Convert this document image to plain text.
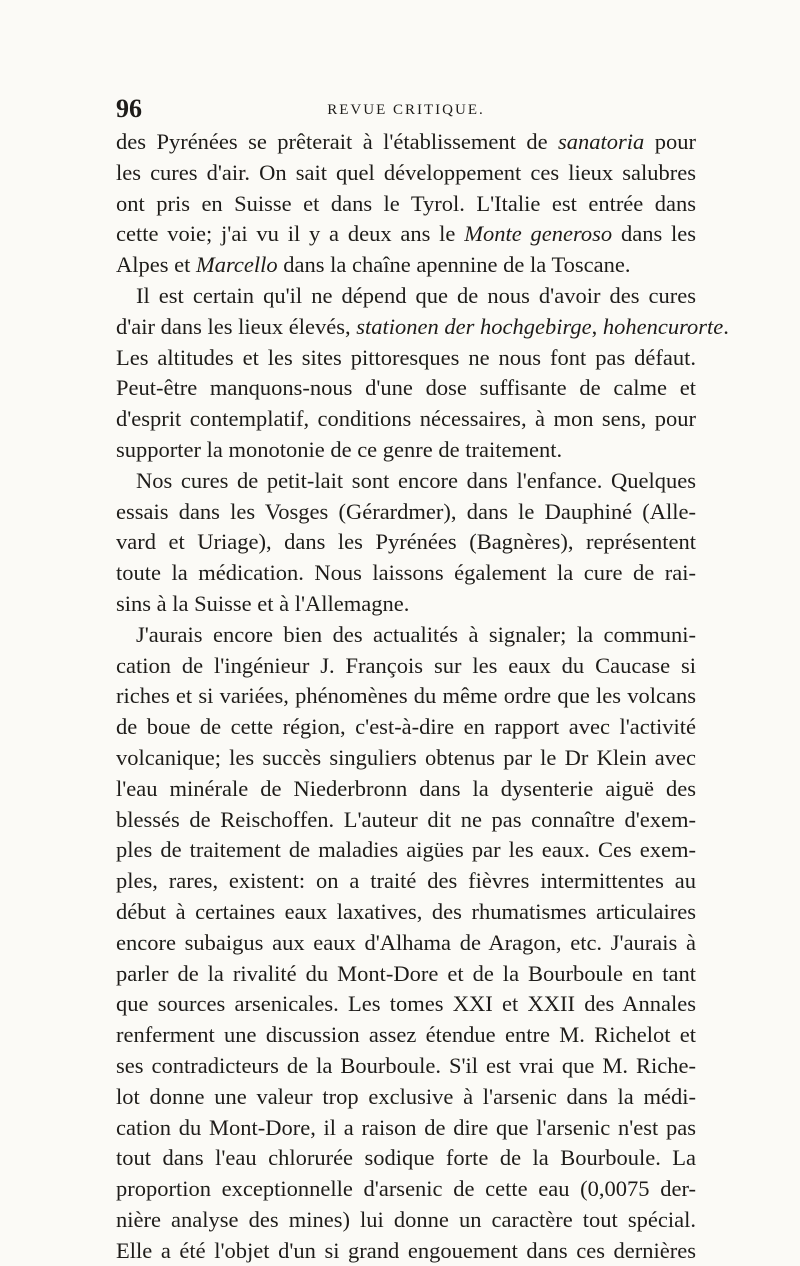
96	REVUE CRITIQUE.
des Pyrénées se prêterait à l'établissement de sanatoria pour
les cures d'air. On sait quel développement ces lieux salubres
ont pris en Suisse et dans le Tyrol. L'Italie est entrée dans
cette voie; j'ai vu il y a deux ans le Monte generoso dans les
Alpes et Marcello dans la chaîne apennine de la Toscane.
Il est certain qu'il ne dépend que de nous d'avoir des cures
d'air dans les lieux élevés, stationen der hochgebirge, hohencurorte.
Les altitudes et les sites pittoresques ne nous font pas défaut.
Peut-être manquons-nous d'une dose suffisante de calme et
d'esprit contemplatif, conditions nécessaires, à mon sens, pour
supporter la monotonie de ce genre de traitement.
Nos cures de petit-lait sont encore dans l'enfance. Quelques
essais dans les Vosges (Gérardmer), dans le Dauphiné (Alle-
vard et Uriage), dans les Pyrénées (Bagnères), représentent
toute la médication. Nous laissons également la cure de rai-
sins à la Suisse et à l'Allemagne.
J'aurais encore bien des actualités à signaler; la communi-
cation de l'ingénieur J. François sur les eaux du Caucase si
riches et si variées, phénomènes du même ordre que les volcans
de boue de cette région, c'est-à-dire en rapport avec l'activité
volcanique; les succès singuliers obtenus par le Dr Klein avec
l'eau minérale de Niederbronn dans la dysenterie aiguë des
blessés de Reischoffen. L'auteur dit ne pas connaître d'exem-
ples de traitement de maladies aigües par les eaux. Ces exem-
ples, rares, existent: on a traité des fièvres intermittentes au
début à certaines eaux laxatives, des rhumatismes articulaires
encore subaigus aux eaux d'Alhama de Aragon, etc. J'aurais à
parler de la rivalité du Mont-Dore et de la Bourboule en tant
que sources arsenicales. Les tomes XXI et XXII des Annales
renferment une discussion assez étendue entre M. Richelot et
ses contradicteurs de la Bourboule. S'il est vrai que M. Riche-
lot donne une valeur trop exclusive à l'arsenic dans la médi-
cation du Mont-Dore, il a raison de dire que l'arsenic n'est pas
tout dans l'eau chlorurée sodique forte de la Bourboule. La
proportion exceptionnelle d'arsenic de cette eau (0,0075 der-
nière analyse des mines) lui donne un caractère tout spécial.
Elle a été l'objet d'un si grand engouement dans ces dernières
